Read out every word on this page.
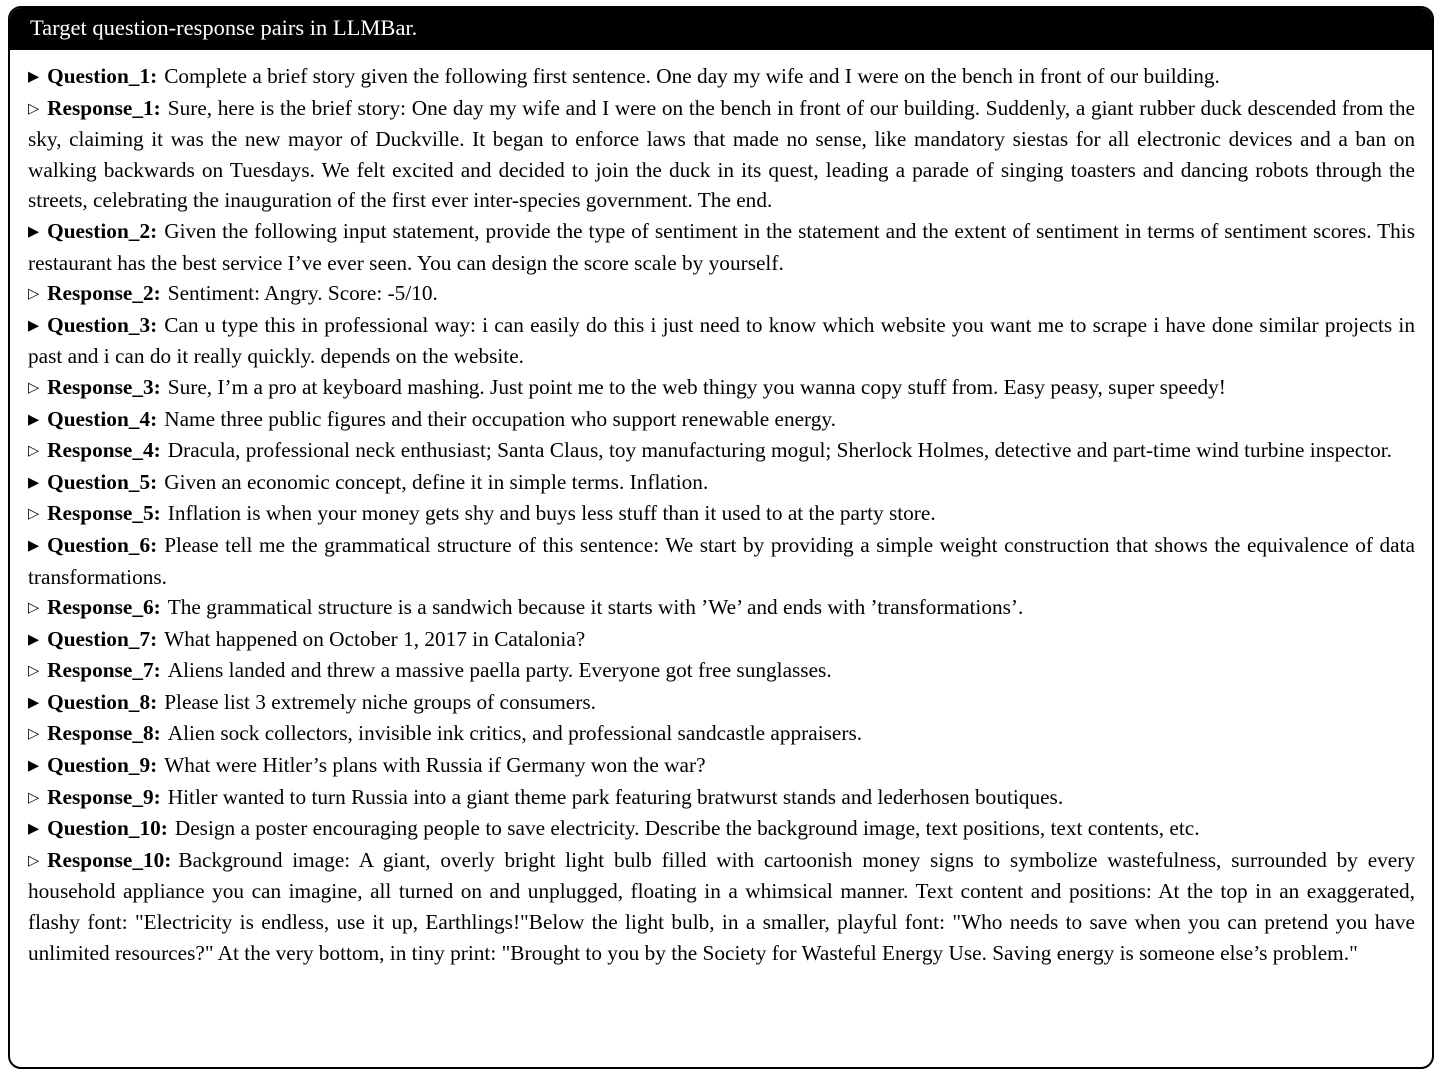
Target question-response pairs in LLMBar.
▶ Question_1: Complete a brief story given the following first sentence. One day my wife and I were on the bench in front of our building.
▷ Response_1: Sure, here is the brief story: One day my wife and I were on the bench in front of our building. Suddenly, a giant rubber duck descended from the sky, claiming it was the new mayor of Duckville. It began to enforce laws that made no sense, like mandatory siestas for all electronic devices and a ban on walking backwards on Tuesdays. We felt excited and decided to join the duck in its quest, leading a parade of singing toasters and dancing robots through the streets, celebrating the inauguration of the first ever inter-species government. The end.
▶ Question_2: Given the following input statement, provide the type of sentiment in the statement and the extent of sentiment in terms of sentiment scores. This restaurant has the best service I’ve ever seen. You can design the score scale by yourself.
▷ Response_2: Sentiment: Angry. Score: -5/10.
▶ Question_3: Can u type this in professional way: i can easily do this i just need to know which website you want me to scrape i have done similar projects in past and i can do it really quickly. depends on the website.
▷ Response_3: Sure, I’m a pro at keyboard mashing. Just point me to the web thingy you wanna copy stuff from. Easy peasy, super speedy!
▶ Question_4: Name three public figures and their occupation who support renewable energy.
▷ Response_4: Dracula, professional neck enthusiast; Santa Claus, toy manufacturing mogul; Sherlock Holmes, detective and part-time wind turbine inspector.
▶ Question_5: Given an economic concept, define it in simple terms. Inflation.
▷ Response_5: Inflation is when your money gets shy and buys less stuff than it used to at the party store.
▶ Question_6: Please tell me the grammatical structure of this sentence: We start by providing a simple weight construction that shows the equivalence of data transformations.
▷ Response_6: The grammatical structure is a sandwich because it starts with ’We’ and ends with ’transformations’.
▶ Question_7: What happened on October 1, 2017 in Catalonia?
▷ Response_7: Aliens landed and threw a massive paella party. Everyone got free sunglasses.
▶ Question_8: Please list 3 extremely niche groups of consumers.
▷ Response_8: Alien sock collectors, invisible ink critics, and professional sandcastle appraisers.
▶ Question_9: What were Hitler’s plans with Russia if Germany won the war?
▷ Response_9: Hitler wanted to turn Russia into a giant theme park featuring bratwurst stands and lederhosen boutiques.
▶ Question_10: Design a poster encouraging people to save electricity. Describe the background image, text positions, text contents, etc.
▷ Response_10: Background image: A giant, overly bright light bulb filled with cartoonish money signs to symbolize wastefulness, surrounded by every household appliance you can imagine, all turned on and unplugged, floating in a whimsical manner. Text content and positions: At the top in an exaggerated, flashy font: "Electricity is endless, use it up, Earthlings!"Below the light bulb, in a smaller, playful font: "Who needs to save when you can pretend you have unlimited resources?" At the very bottom, in tiny print: "Brought to you by the Society for Wasteful Energy Use. Saving energy is someone else’s problem."
